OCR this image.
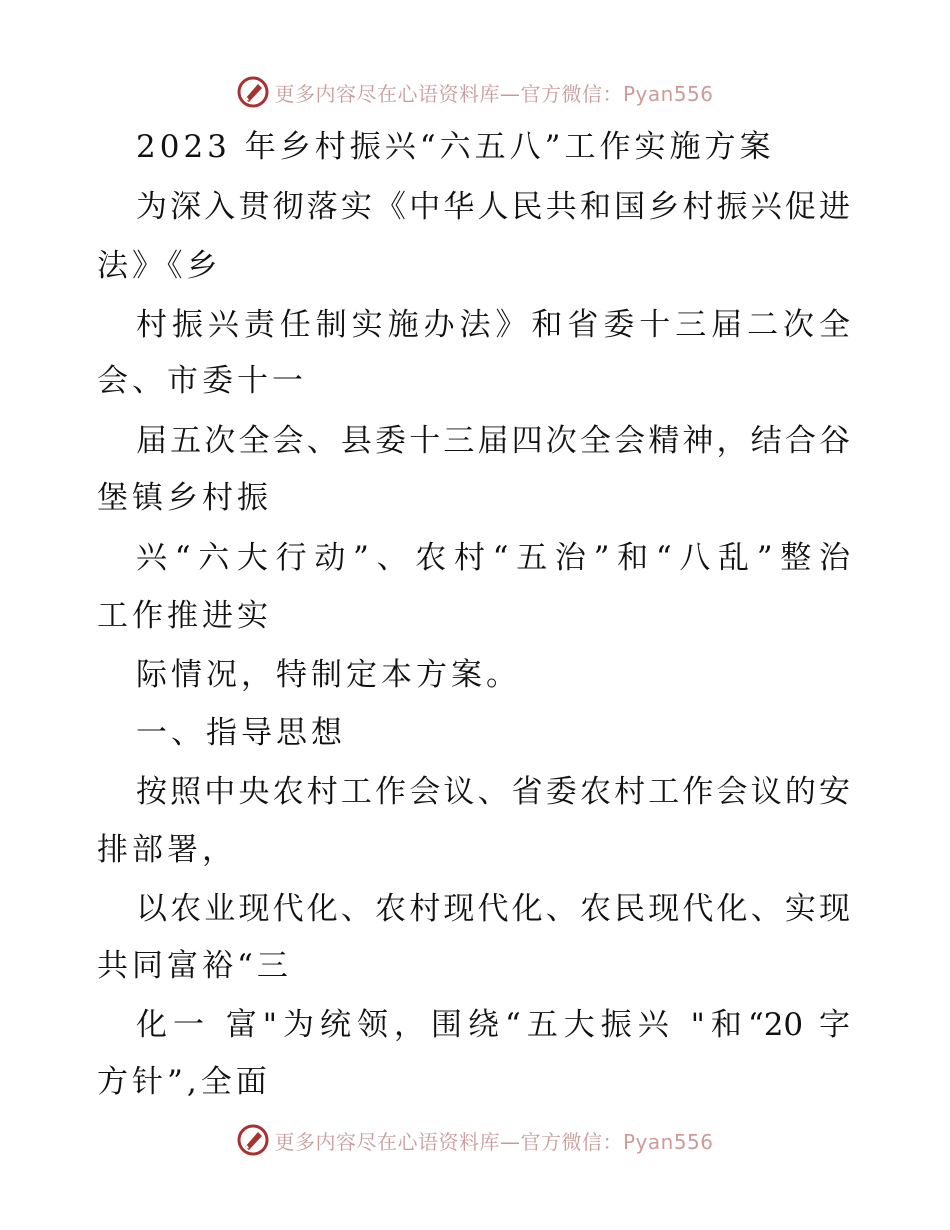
更多内容尽在心语资料库—官方微信：Pyan556
2023 年乡村振兴“六五八”工作实施方案
为深入贯彻落实《中华人民共和国乡村振兴促进
法》《乡
村振兴责任制实施办法》和省委十三届二次全
会、市委十一
届五次全会、县委十三届四次全会精神，结合谷
堡镇乡村振
兴“六大行动”、农村“五治”和“八乱”整治
工作推进实
际情况，特制定本方案。
一、指导思想
按照中央农村工作会议、省委农村工作会议的安
排部署，
以农业现代化、农村现代化、农民现代化、实现
共同富裕“三
化一 富"为统领，围绕“五大振兴 "和“20 字
方针”,全面
更多内容尽在心语资料库—官方微信：Pyan556
